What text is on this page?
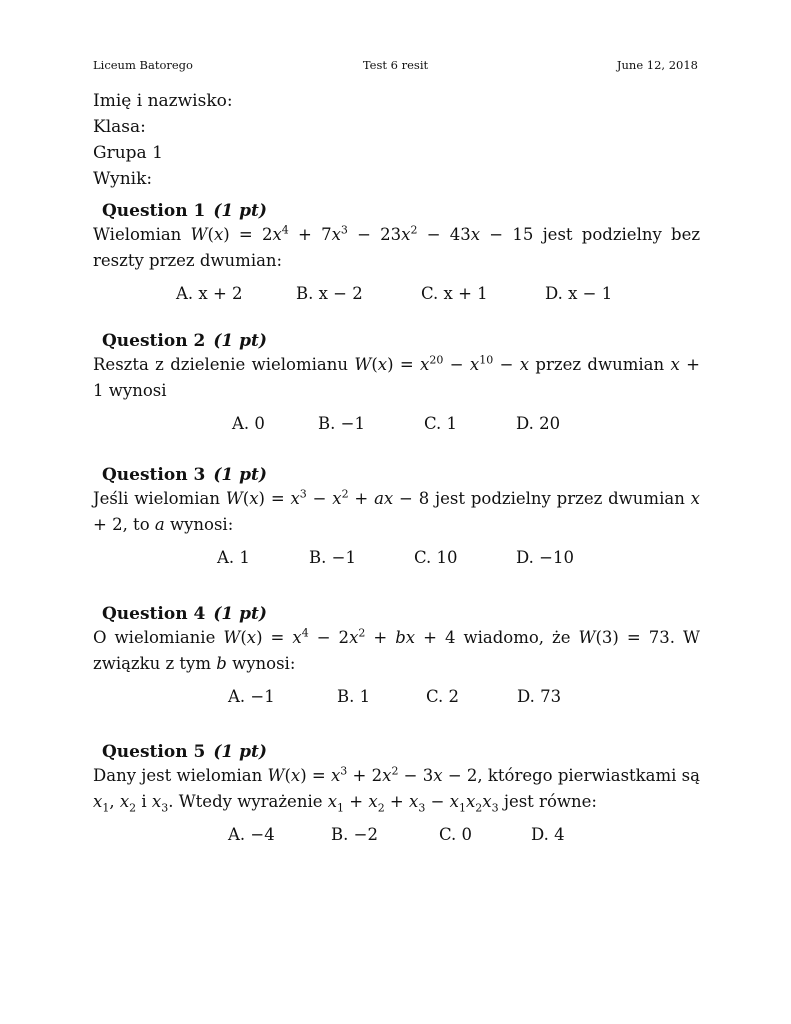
Liceum Batorego	Test 6 resit	June 12, 2018
Imię i nazwisko:
Klasa:
Grupa 1
Wynik:
Question 1 (1 pt)
Wielomian $W(x) = 2x^4 + 7x^3 - 23x^2 - 43x - 15$ jest podzielny bez reszty przez dwumian:
A. x + 2	B. x − 2	C. x + 1	D. x − 1
Question 2 (1 pt)
Reszta z dzielenie wielomianu $W(x) = x^{20} - x^{10} - x$ przez dwumian x + 1 wynosi
A. 0	B. −1	C. 1	D. 20
Question 3 (1 pt)
Jeśli wielomian $W(x) = x^3 - x^2$ + ax − 8 jest podzielny przez dwumian x + 2, to a wynosi:
A. 1	B. −1	C. 10	D. −10
Question 4 (1 pt)
O wielomianie $W(x) = x^4 - 2x^2$ + bx + 4 wiadomo, że W(3) = 73. W związku z tym b wynosi:
A. −1	B. 1	C. 2	D. 73
Question 5 (1 pt)
Dany jest wielomian $W(x) = x^3 + 2x^2 - 3x - 2$, którego pierwiastkami są $x_1$, $x_2$ i $x_3$. Wtedy wyrażenie $x_1 + x_2 + x_3 - x_1x_2x_3$ jest równe:
A. −4	B. −2	C. 0	D. 4
